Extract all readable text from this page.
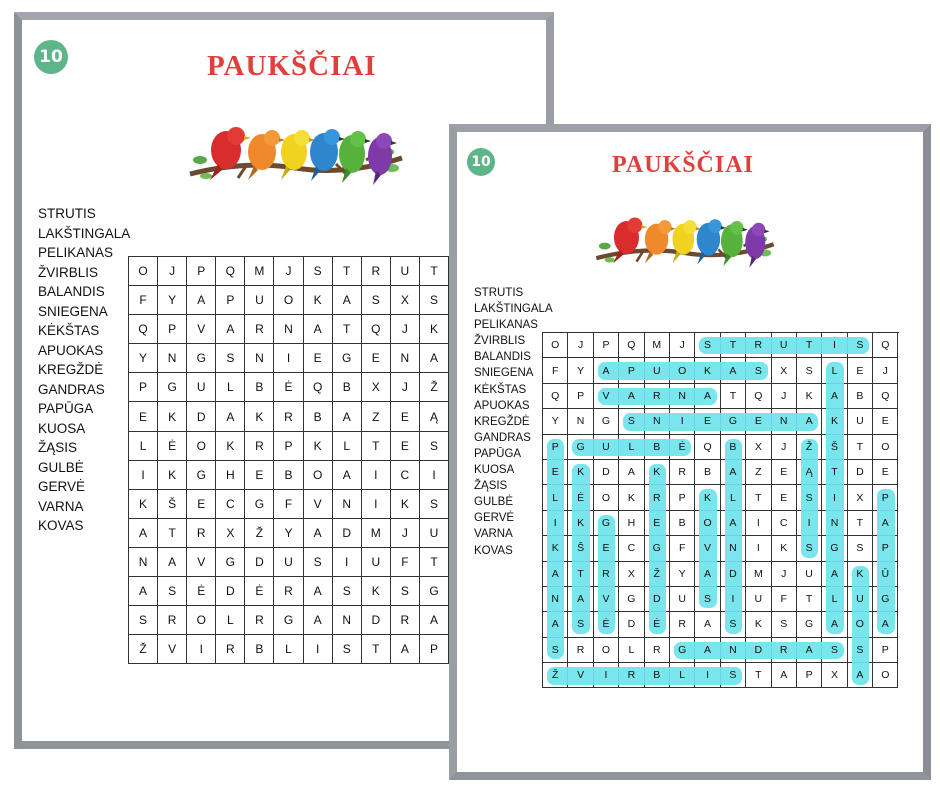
10	PAUKŠČIAI
STRUTIS
LAKŠTINGALA
PELIKANAS
ŽVIRBLIS
BALANDIS
SNIEGENA
KĖKŠTAS
APUOKAS
KREGŽDĖ
GANDRAS
PAPŪGA
KUOSA
ŽĄSIS
GULBĖ
GERVĖ
VARNA
KOVAS
O J P Q M J S T R U T
F Y A P U O K A S X S
Q P V A R N A T Q J K
Y N G S N I E G E N A
P G U L B Ė Q B X J Ž
E K D A K R B A Z E Ą
L Ė O K R P K L T E S
I K G H E B O A I C I
K Š E C G F V N I K S
A T R X Ž Y A D M J U
N A V G D U S I U F T
A S Ė D Ė R A S K S G
S R O L R G A N D R A
Ž V I R B L I S T A P
10	PAUKŠČIAI
STRUTIS
LAKŠTINGALA
PELIKANAS
ŽVIRBLIS
BALANDIS
SNIEGENA
KĖKŠTAS
APUOKAS
KREGŽDĖ
GANDRAS
PAPŪGA
KUOSA
ŽĄSIS
GULBĖ
GERVĖ
VARNA
KOVAS
O J P Q M J S T R U T I S Q
F Y A P U O K A S X S L E J
Q P V A R N A T Q J K A B Q
Y N G S N I E G E N A K U E
P G U L B Ė Q B X J Ž Š T O
E K D A K R B A Z E Ą T D E
L Ė O K R P K L T E S I X P
I K G H E B O A I C I N T A
K Š E C G F V N I K S G S P
A T R X Ž Y A D M J U A K Ū
N A V G D U S I U F T L U G
A S Ė D Ė R A S K S G A O A
S R O L R G A N D R A S S P
Ž V I R B L I S T A P X A O
